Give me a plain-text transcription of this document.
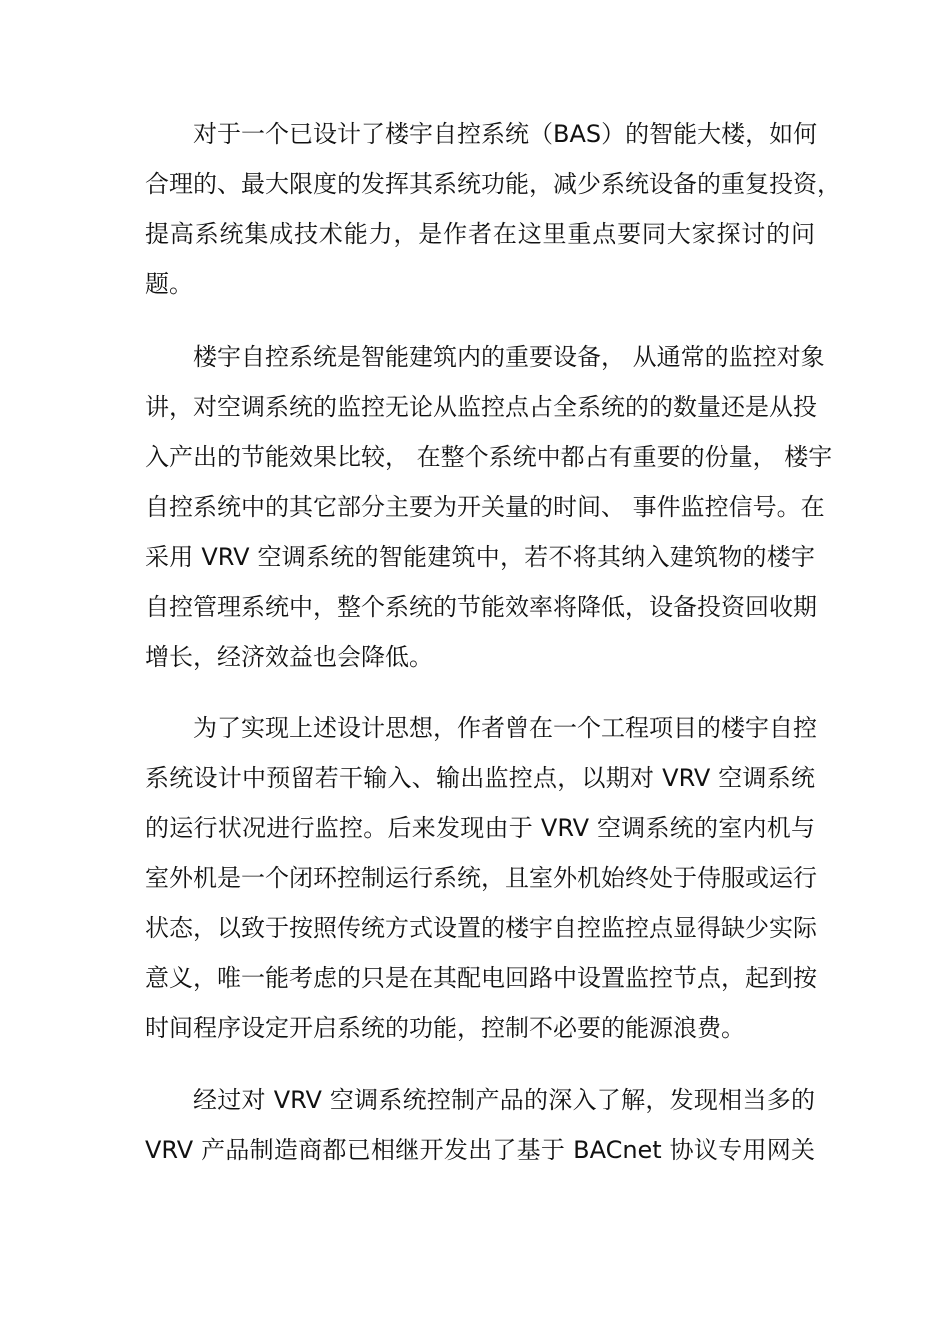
对于一个已设计了楼宇自控系统（BAS）的智能大楼，如何
合理的、最大限度的发挥其系统功能，减少系统设备的重复投资，
提高系统集成技术能力，是作者在这里重点要同大家探讨的问
题。
楼宇自控系统是智能建筑内的重要设备， 从通常的监控对象
讲，对空调系统的监控无论从监控点占全系统的的数量还是从投
入产出的节能效果比较， 在整个系统中都占有重要的份量， 楼宇
自控系统中的其它部分主要为开关量的时间、 事件监控信号。在
采用 VRV 空调系统的智能建筑中，若不将其纳入建筑物的楼宇
自控管理系统中，整个系统的节能效率将降低，设备投资回收期
增长，经济效益也会降低。
为了实现上述设计思想，作者曾在一个工程项目的楼宇自控
系统设计中预留若干输入、输出监控点，以期对 VRV 空调系统
的运行状况进行监控。后来发现由于 VRV 空调系统的室内机与
室外机是一个闭环控制运行系统，且室外机始终处于侍服或运行
状态，以致于按照传统方式设置的楼宇自控监控点显得缺少实际
意义，唯一能考虑的只是在其配电回路中设置监控节点，起到按
时间程序设定开启系统的功能，控制不必要的能源浪费。
经过对 VRV 空调系统控制产品的深入了解，发现相当多的
VRV 产品制造商都已相继开发出了基于 BACnet 协议专用网关
